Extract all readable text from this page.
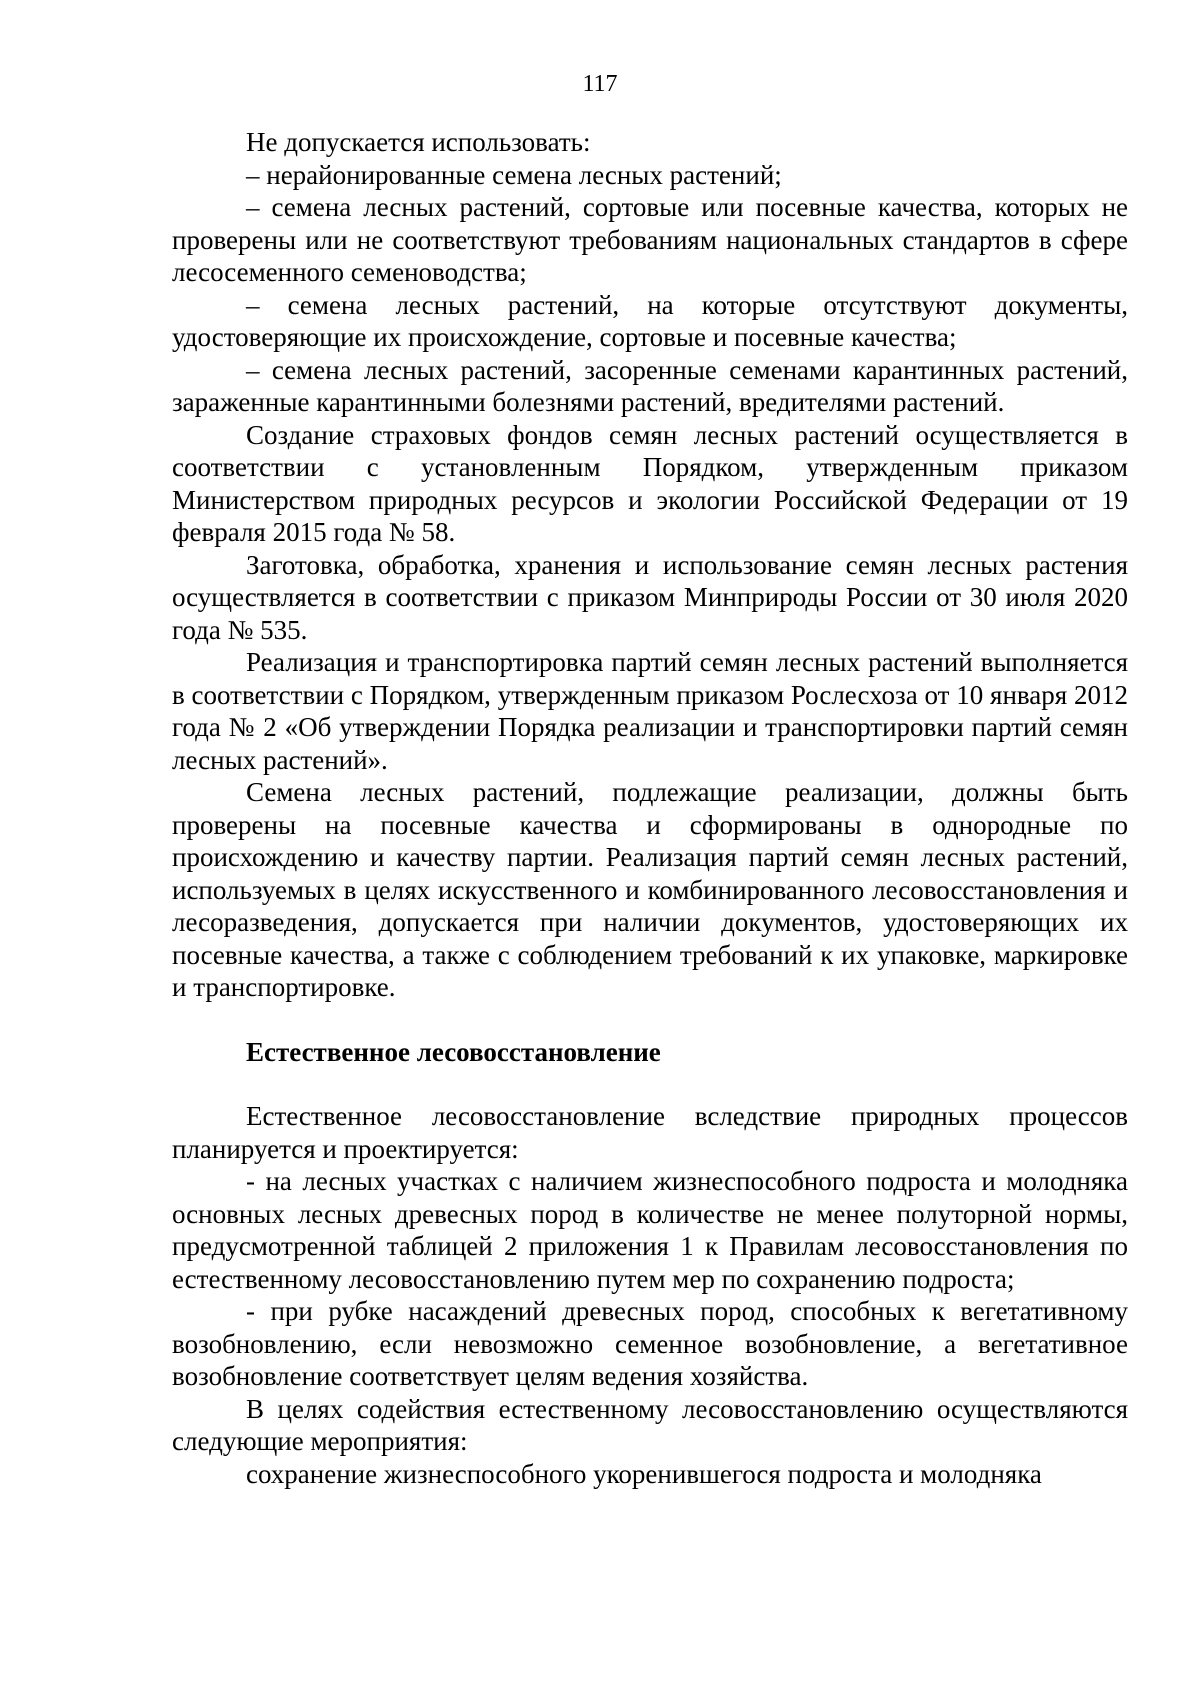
117

Не допускается использовать:

– нерайонированные семена лесных растений;

– семена лесных растений, сортовые или посевные качества, которых не проверены или не соответствуют требованиям национальных стандартов в сфере лесосеменного семеноводства;

– семена лесных растений, на которые отсутствуют документы, удостоверяющие их происхождение, сортовые и посевные качества;

– семена лесных растений, засоренные семенами карантинных растений, зараженные карантинными болезнями растений, вредителями растений.

Создание страховых фондов семян лесных растений осуществляется в соответствии с установленным Порядком, утвержденным приказом Министерством природных ресурсов и экологии Российской Федерации от 19 февраля 2015 года № 58.

Заготовка, обработка, хранения и использование семян лесных растения осуществляется в соответствии с приказом Минприроды России от 30 июля 2020 года № 535.

Реализация и транспортировка партий семян лесных растений выполняется в соответствии с Порядком, утвержденным приказом Рослесхоза от 10 января 2012 года № 2 «Об утверждении Порядка реализации и транспортировки партий семян лесных растений».

Семена лесных растений, подлежащие реализации, должны быть проверены на посевные качества и сформированы в однородные по происхождению и качеству партии. Реализация партий семян лесных растений, используемых в целях искусственного и комбинированного лесовосстановления и лесоразведения, допускается при наличии документов, удостоверяющих их посевные качества, а также с соблюдением требований к их упаковке, маркировке и транспортировке.

Естественное лесовосстановление

Естественное лесовосстановление вследствие природных процессов планируется и проектируется:

- на лесных участках с наличием жизнеспособного подроста и молодняка основных лесных древесных пород в количестве не менее полуторной нормы, предусмотренной таблицей 2 приложения 1 к Правилам лесовосстановления по естественному лесовосстановлению путем мер по сохранению подроста;

- при рубке насаждений древесных пород, способных к вегетативному возобновлению, если невозможно семенное возобновление, а вегетативное возобновление соответствует целям ведения хозяйства.

В целях содействия естественному лесовосстановлению осуществляются следующие мероприятия:

сохранение жизнеспособного укоренившегося подроста и молодняка
